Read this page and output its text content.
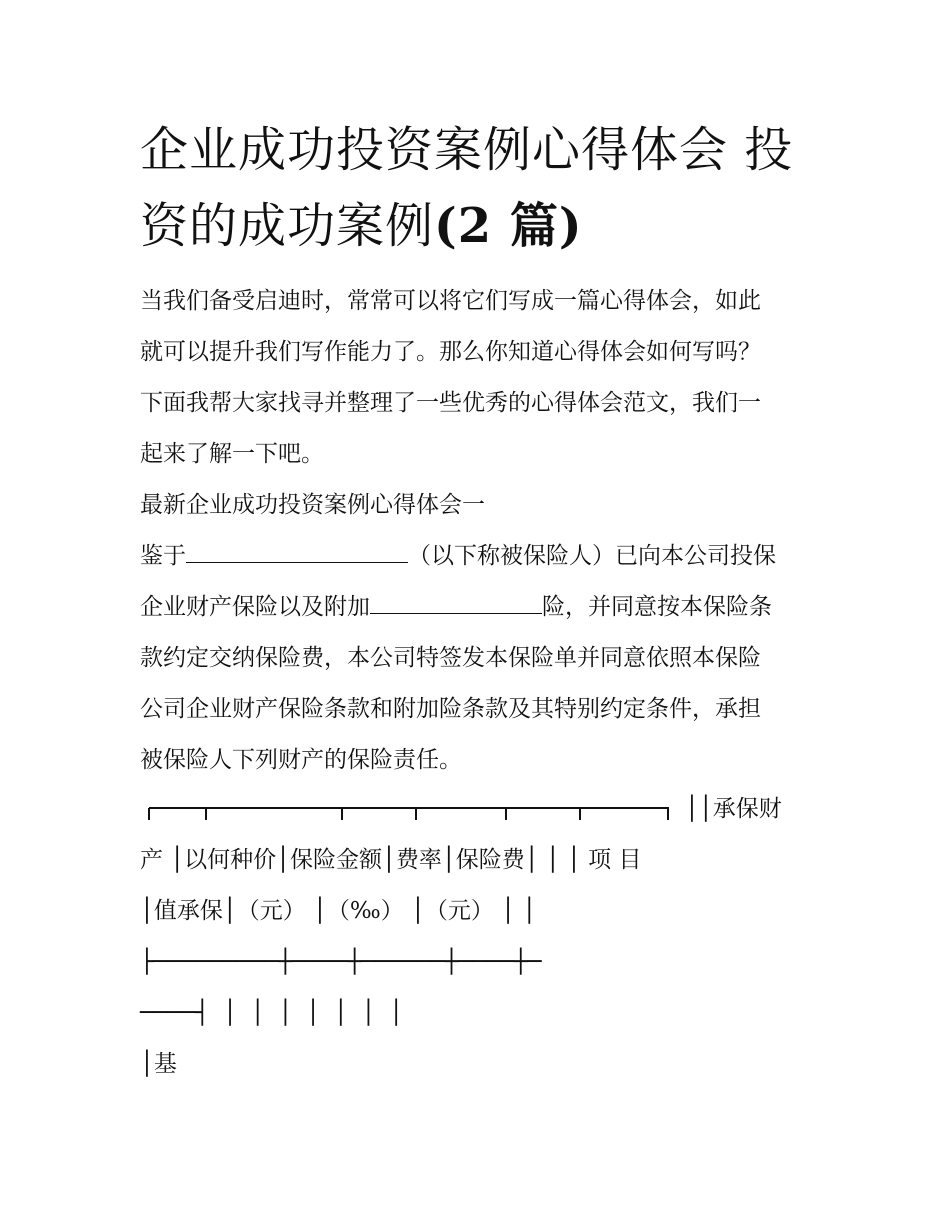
企业成功投资案例心得体会 投
资的成功案例(2 篇)
当我们备受启迪时，常常可以将它们写成一篇心得体会，如此
就可以提升我们写作能力了。那么你知道心得体会如何写吗？
下面我帮大家找寻并整理了一些优秀的心得体会范文，我们一
起来了解一下吧。
最新企业成功投资案例心得体会一
鉴于	（以下称被保险人）已向本公司投保
企业财产保险以及附加	险，并同意按本保险条
款约定交纳保险费，本公司特签发本保险单并同意依照本保险
公司企业财产保险条款和附加险条款及其特别约定条件，承担
被保险人下列财产的保险责任。
││承保财
产 │以何种价│保险金额│费率│保险费│ │ │ 项 目
│值承保│（元） │（‰） │（元） │ │
├─────────┼────┼──────┼────┼─
────┤ │ │ │ │ │ │ │
│基
